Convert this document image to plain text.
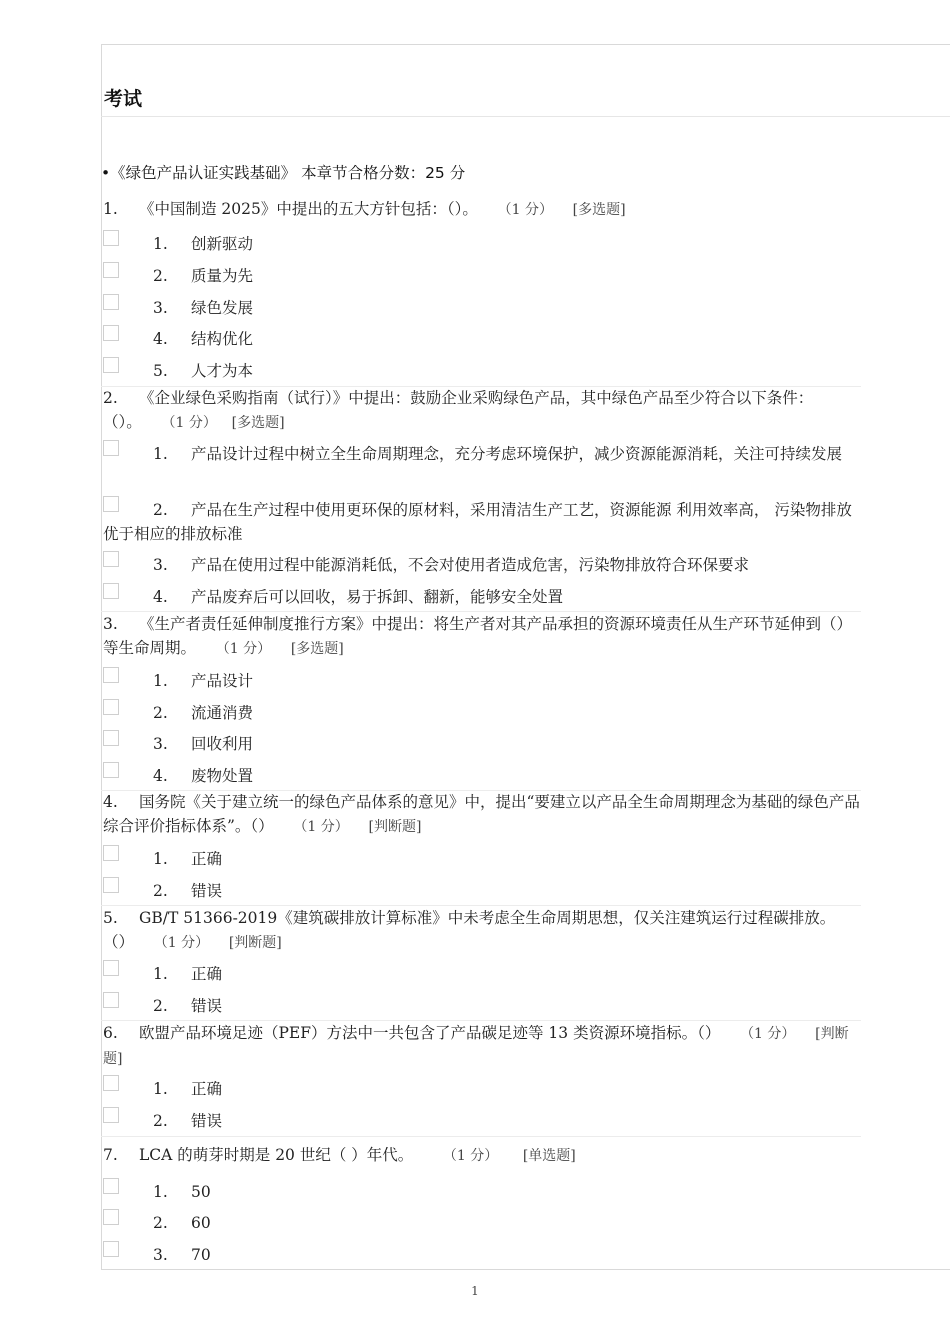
考试
•《绿色产品认证实践基础》 本章节合格分数：25 分
1. 《中国制造 2025》中提出的五大方针包括：（）。 （1 分） [多选题]
1. 创新驱动
2. 质量为先
3. 绿色发展
4. 结构优化
5. 人才为本
2. 《企业绿色采购指南（试行）》中提出：鼓励企业采购绿色产品，其中绿色产品至少符合以下条件：（）。 （1 分） [多选题]
1. 产品设计过程中树立全生命周期理念，充分考虑环境保护，减少资源能源消耗，关注可持续发展
2. 产品在生产过程中使用更环保的原材料，采用清洁生产工艺，资源能源 利用效率高， 污染物排放优于相应的排放标准
3. 产品在使用过程中能源消耗低，不会对使用者造成危害，污染物排放符合环保要求
4. 产品废弃后可以回收，易于拆卸、翻新，能够安全处置
3. 《生产者责任延伸制度推行方案》中提出：将生产者对其产品承担的资源环境责任从生产环节延伸到（）等生命周期。 （1 分） [多选题]
1. 产品设计
2. 流通消费
3. 回收利用
4. 废物处置
4. 国务院《关于建立统一的绿色产品体系的意见》中，提出“要建立以产品全生命周期理念为基础的绿色产品综合评价指标体系”。（） （1 分） [判断题]
1. 正确
2. 错误
5. GB/T 51366-2019《建筑碳排放计算标准》中未考虑全生命周期思想，仅关注建筑运行过程碳排放。（） （1 分） [判断题]
1. 正确
2. 错误
6. 欧盟产品环境足迹（PEF）方法中一共包含了产品碳足迹等 13 类资源环境指标。（） （1 分） [判断题]
1. 正确
2. 错误
7. LCA 的萌芽时期是 20 世纪（ ）年代。 （1 分） [单选题]
1. 50
2. 60
3. 70
1
